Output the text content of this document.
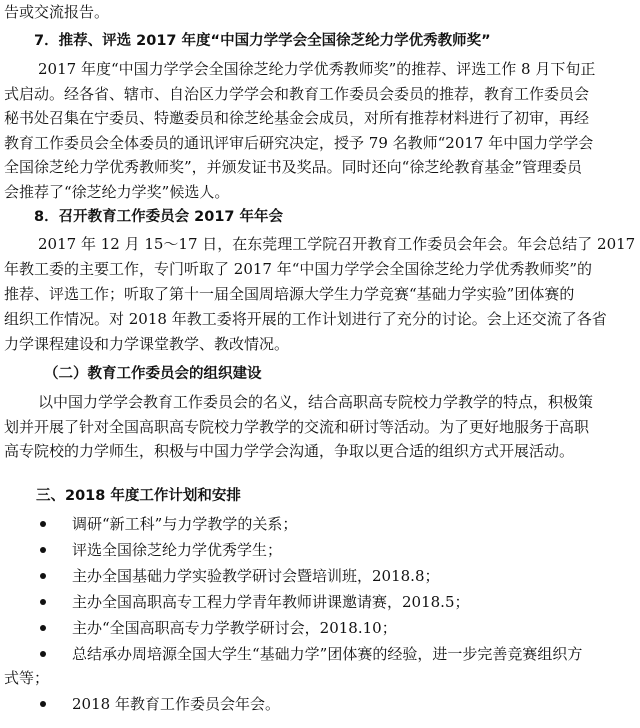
告或交流报告。
7．推荐、评选 2017 年度“中国力学学会全国徐芝纶力学优秀教师奖”
2017 年度“中国力学学会全国徐芝纶力学优秀教师奖”的推荐、评选工作 8 月下旬正
式启动。经各省、辖市、自治区力学学会和教育工作委员会委员的推荐，教育工作委员会
秘书处召集在宁委员、特邀委员和徐芝纶基金会成员，对所有推荐材料进行了初审，再经
教育工作委员会全体委员的通讯评审后研究决定，授予 79 名教师“2017 年中国力学学会
全国徐芝纶力学优秀教师奖”，并颁发证书及奖品。同时还向“徐芝纶教育基金”管理委员
会推荐了“徐芝纶力学奖”候选人。
8．召开教育工作委员会 2017 年年会
2017 年 12 月 15～17 日，在东莞理工学院召开教育工作委员会年会。年会总结了 2017
年教工委的主要工作，专门听取了 2017 年“中国力学学会全国徐芝纶力学优秀教师奖”的
推荐、评选工作；听取了第十一届全国周培源大学生力学竞赛“基础力学实验”团体赛的
组织工作情况。对 2018 年教工委将开展的工作计划进行了充分的讨论。会上还交流了各省
力学课程建设和力学课堂教学、教改情况。
（二）教育工作委员会的组织建设
以中国力学学会教育工作委员会的名义，结合高职高专院校力学教学的特点，积极策
划并开展了针对全国高职高专院校力学教学的交流和研讨等活动。为了更好地服务于高职
高专院校的力学师生，积极与中国力学学会沟通，争取以更合适的组织方式开展活动。
三、2018 年度工作计划和安排
调研“新工科”与力学教学的关系；
评选全国徐芝纶力学优秀学生；
主办全国基础力学实验教学研讨会暨培训班，2018.8；
主办全国高职高专工程力学青年教师讲课邀请赛，2018.5；
主办“全国高职高专力学教学研讨会，2018.10；
总结承办周培源全国大学生“基础力学”团体赛的经验，进一步完善竞赛组织方
式等；
2018 年教育工作委员会年会。
